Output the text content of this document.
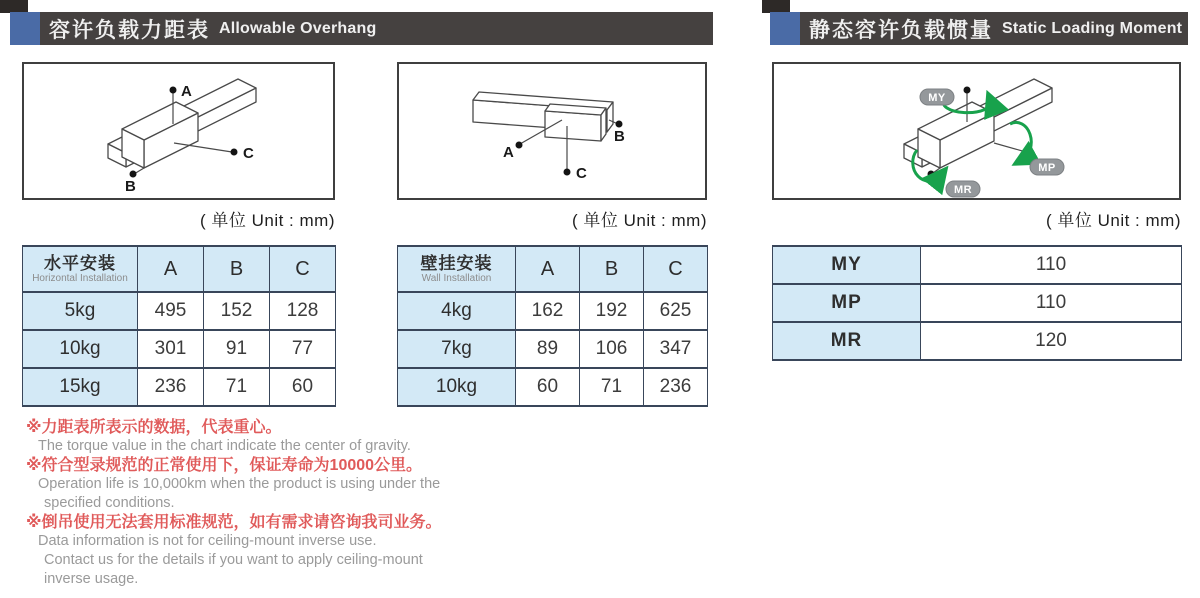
容许负载力距表 Allowable Overhang	静态容许负载惯量 Static Loading Moment
A
C
B
( 单位 Unit : mm)
A
B
C
( 单位 Unit : mm)
MY
MP
MR
( 单位 Unit : mm)
水平安装
Horizontal Installation	A	B	C
5kg	495	152	128
10kg	301	91	77
15kg	236	71	60
壁挂安装
Wall Installation	A	B	C
4kg	162	192	625
7kg	89	106	347
10kg	60	71	236
MY	110
MP	110
MR	120
※力距表所表示的数据，代表重心。
The torque value in the chart indicate the center of gravity.
※符合型录规范的正常使用下，保证寿命为10000公里。
Operation life is 10,000km when the product is using under the
specified conditions.
※倒吊使用无法套用标准规范，如有需求请咨询我司业务。
Data information is not for ceiling-mount inverse use.
Contact us for the details if you want to apply ceiling-mount
inverse usage.
